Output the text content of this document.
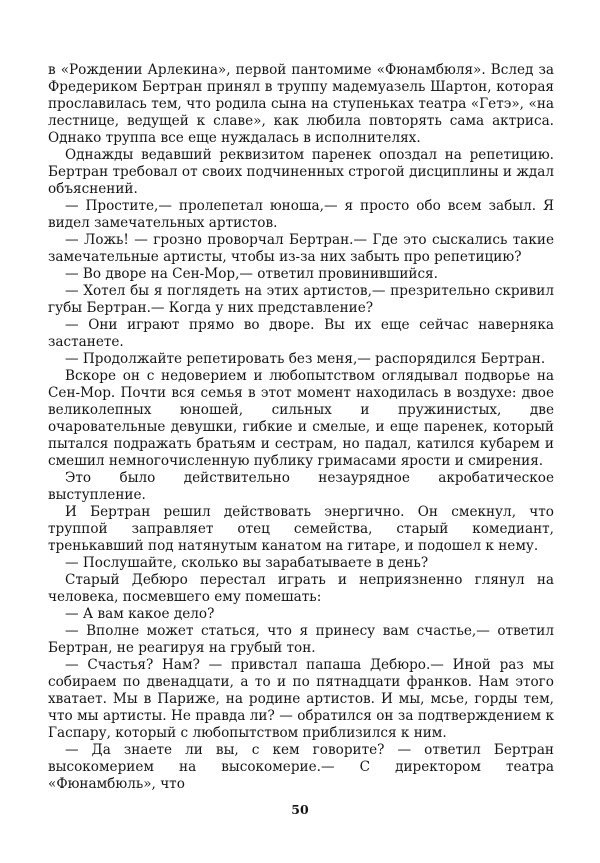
в «Рождении Арлекина», первой пантомиме «Фюнамбюля». Вслед за Фредериком Бертран принял в труппу мадемуазель Шартон, которая прославилась тем, что родила сына на ступеньках театра «Гетэ», «на лестнице, ведущей к славе», как любила повторять сама актриса. Однако труппа все еще нуждалась в исполнителях.

Однажды ведавший реквизитом паренек опоздал на репетицию. Бертран требовал от своих подчиненных строгой дисциплины и ждал объяснений.

— Простите,— пролепетал юноша,— я просто обо всем забыл. Я видел замечательных артистов.

— Ложь! — грозно проворчал Бертран.— Где это сыскались такие замечательные артисты, чтобы из-за них забыть про репетицию?

— Во дворе на Сен-Мор,— ответил провинившийся.

— Хотел бы я поглядеть на этих артистов,— презрительно скривил губы Бертран.— Когда у них представление?

— Они играют прямо во дворе. Вы их еще сейчас наверняка застанете.

— Продолжайте репетировать без меня,— распорядился Бертран.

Вскоре он с недоверием и любопытством оглядывал подворье на Сен-Мор. Почти вся семья в этот момент находилась в воздухе: двое великолепных юношей, сильных и пружинистых, две очаровательные девушки, гибкие и смелые, и еще паренек, который пытался подражать братьям и сестрам, но падал, катился кубарем и смешил немногочисленную публику гримасами ярости и смирения.

Это было действительно незаурядное акробатическое выступление.

И Бертран решил действовать энергично. Он смекнул, что труппой заправляет отец семейства, старый комедиант, тренькавший под натянутым канатом на гитаре, и подошел к нему.

— Послушайте, сколько вы зарабатываете в день?

Старый Дебюро перестал играть и неприязненно глянул на человека, посмевшего ему помешать:

— А вам какое дело?

— Вполне может статься, что я принесу вам счастье,— ответил Бертран, не реагируя на грубый тон.

— Счастья? Нам? — привстал папаша Дебюро.— Иной раз мы собираем по двенадцати, а то и по пятнадцати франков. Нам этого хватает. Мы в Париже, на родине артистов. И мы, мсье, горды тем, что мы артисты. Не правда ли? — обратился он за подтверждением к Гаспару, который с любопытством приблизился к ним.

— Да знаете ли вы, с кем говорите? — ответил Бертран высокомерием на высокомерие.— С директором театра «Фюнамбюль», что

50
